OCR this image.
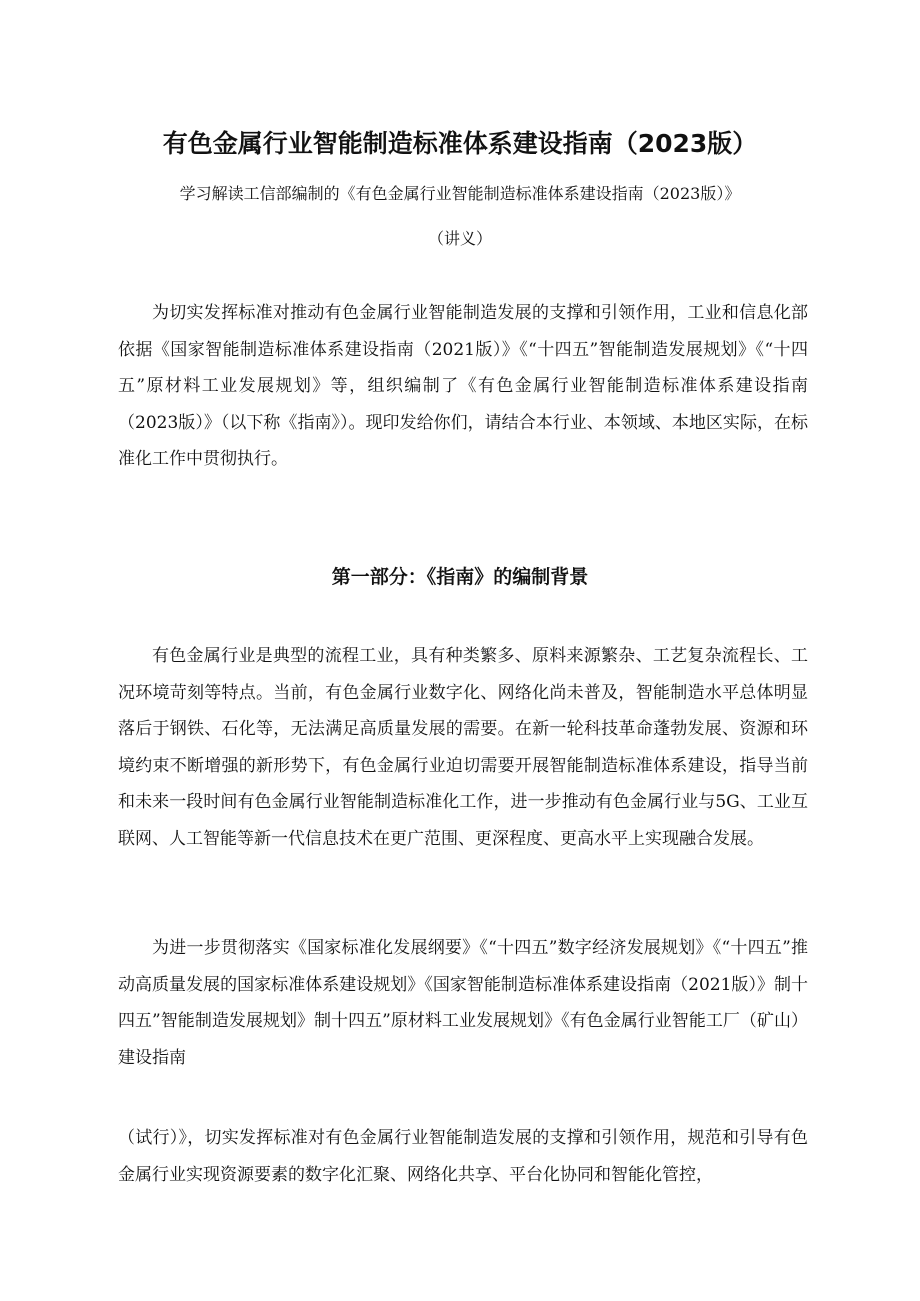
有色金属行业智能制造标准体系建设指南（2023版）

学习解读工信部编制的《有色金属行业智能制造标准体系建设指南（2023版）》

（讲义）

为切实发挥标准对推动有色金属行业智能制造发展的支撑和引领作用，工业和信息化部依据《国家智能制造标准体系建设指南（2021版）》《“十四五”智能制造发展规划》《“十四五”原材料工业发展规划》等，组织编制了《有色金属行业智能制造标准体系建设指南（2023版）》（以下称《指南》）。现印发给你们，请结合本行业、本领域、本地区实际，在标准化工作中贯彻执行。

第一部分：《指南》的编制背景

有色金属行业是典型的流程工业，具有种类繁多、原料来源繁杂、工艺复杂流程长、工况环境苛刻等特点。当前，有色金属行业数字化、网络化尚未普及，智能制造水平总体明显落后于钢铁、石化等，无法满足高质量发展的需要。在新一轮科技革命蓬勃发展、资源和环境约束不断增强的新形势下，有色金属行业迫切需要开展智能制造标准体系建设，指导当前和未来一段时间有色金属行业智能制造标准化工作，进一步推动有色金属行业与5G、工业互联网、人工智能等新一代信息技术在更广范围、更深程度、更高水平上实现融合发展。

为进一步贯彻落实《国家标准化发展纲要》《“十四五”数字经济发展规划》《“十四五”推动高质量发展的国家标准体系建设规划》《国家智能制造标准体系建设指南（2021版）》制十四五”智能制造发展规划》制十四五”原材料工业发展规划》《有色金属行业智能工厂（矿山）建设指南

（试行）》，切实发挥标准对有色金属行业智能制造发展的支撑和引领作用，规范和引导有色金属行业实现资源要素的数字化汇聚、网络化共享、平台化协同和智能化管控，
